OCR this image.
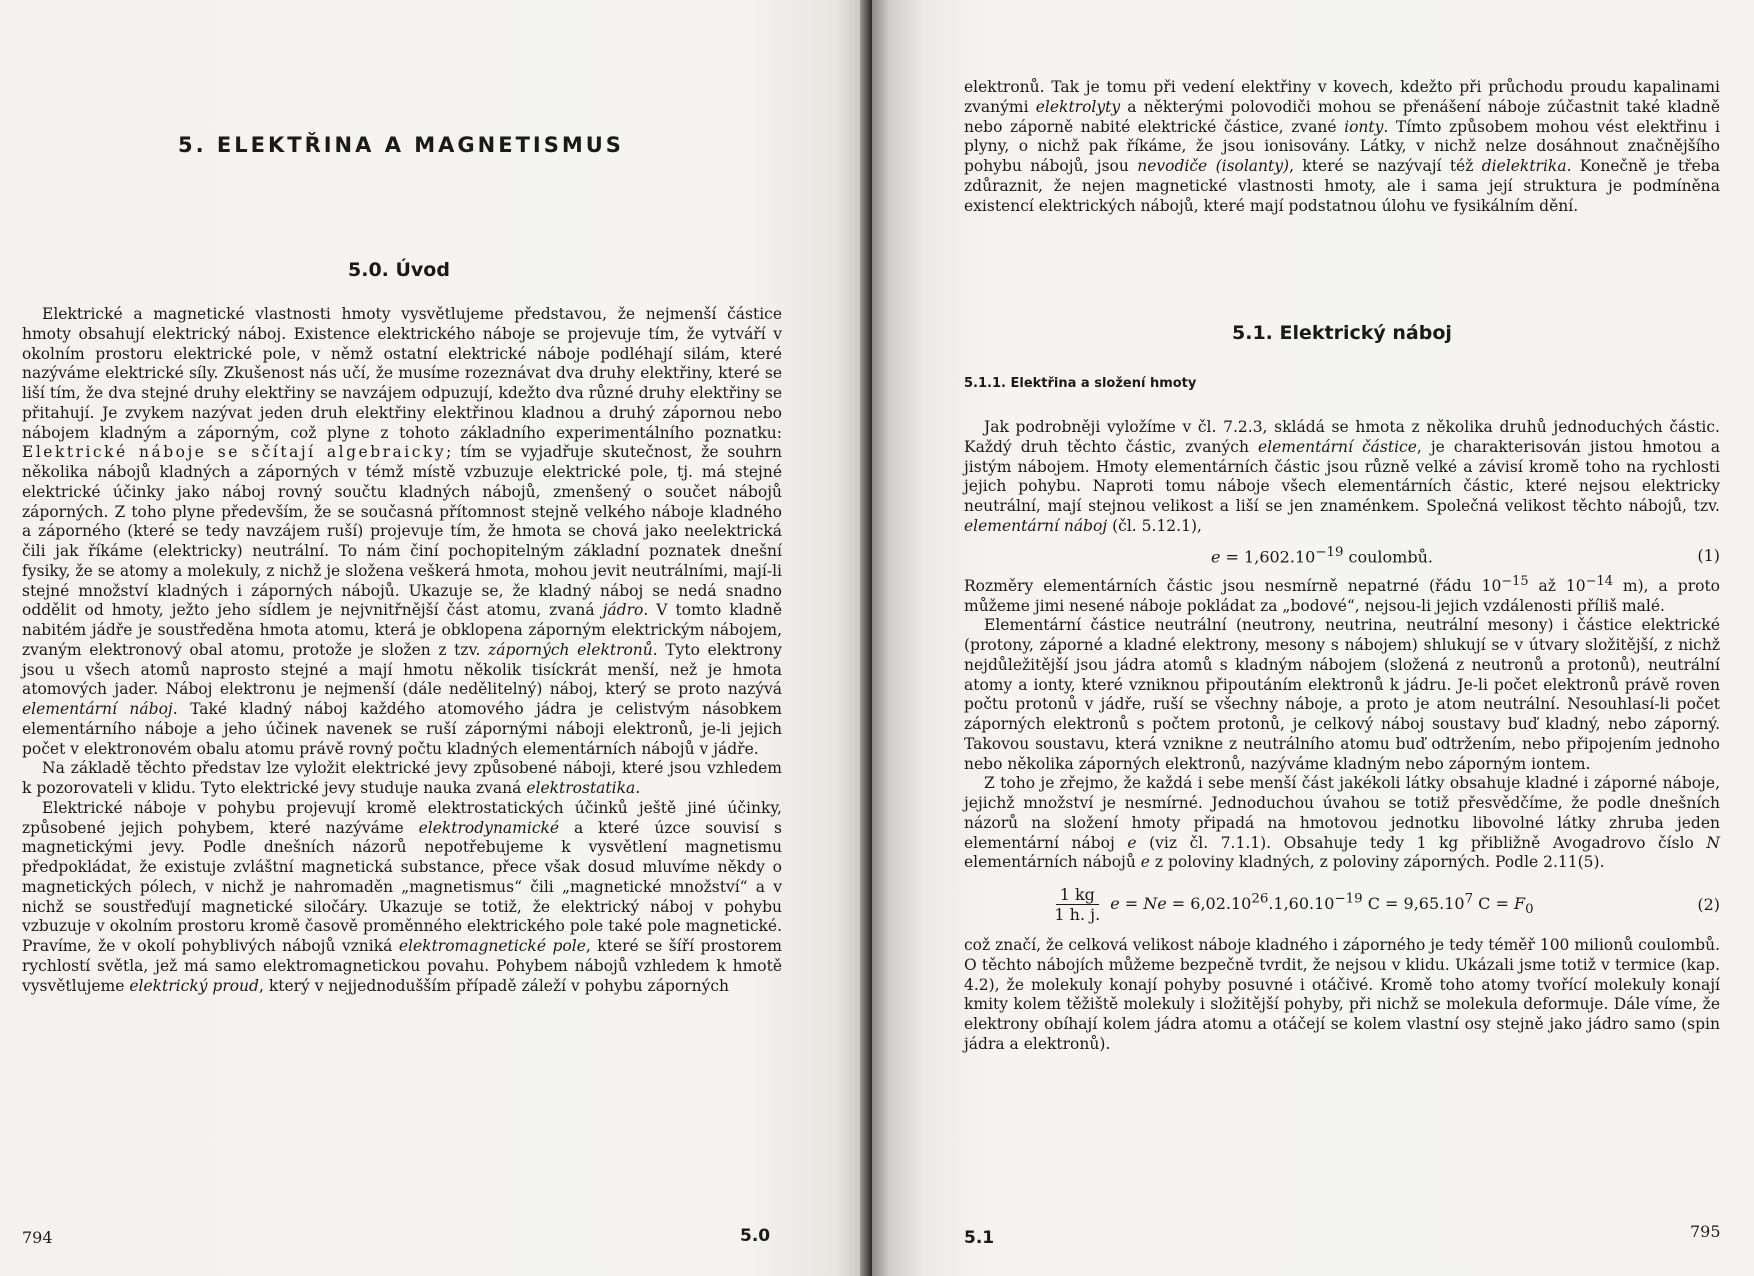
5. ELEKTŘINA A MAGNETISMUS
5.0. Úvod

Elektrické a magnetické vlastnosti hmoty vysvětlujeme představou, že nejmenší částice hmoty obsahují elektrický náboj. Existence elektrického náboje se projevuje tím, že vytváří v okolním prostoru elektrické pole, v němž ostatní elektrické náboje podléhají silám, které nazýváme elektrické síly. Zkušenost nás učí, že musíme rozeznávat dva druhy elektřiny, které se liší tím, že dva stejné druhy elektřiny se navzájem odpuzují, kdežto dva různé druhy elektřiny se přitahují. Je zvykem nazývat jeden druh elektřiny elektřinou kladnou a druhý zápornou nebo nábojem kladným a záporným, což plyne z tohoto základního experimentálního poznatku: Elektrické náboje se sčítají algebraicky; tím se vyjadřuje skutečnost, že souhrn několika nábojů kladných a záporných v témž místě vzbuzuje elektrické pole, tj. má stejné elektrické účinky jako náboj rovný součtu kladných nábojů, zmenšený o součet nábojů záporných. Z toho plyne především, že se současná přítomnost stejně velkého náboje kladného a záporného (které se tedy navzájem ruší) projevuje tím, že hmota se chová jako neelektrická čili jak říkáme (elektricky) neutrální. To nám činí pochopitelným základní poznatek dnešní fysiky, že se atomy a molekuly, z nichž je složena veškerá hmota, mohou jevit neutrálními, mají-li stejné množství kladných i záporných nábojů. Ukazuje se, že kladný náboj se nedá snadno oddělit od hmoty, ježto jeho sídlem je nejvnitřnější část atomu, zvaná jádro. V tomto kladně nabitém jádře je soustředěna hmota atomu, která je obklopena záporným elektrickým nábojem, zvaným elektronový obal atomu, protože je složen z tzv. záporných elektronů. Tyto elektrony jsou u všech atomů naprosto stejné a mají hmotu několik tisíckrát menší, než je hmota atomových jader. Náboj elektronu je nejmenší (dále nedělitelný) náboj, který se proto nazývá elementární náboj. Také kladný náboj každého atomového jádra je celistvým násobkem elementárního náboje a jeho účinek navenek se ruší zápornými náboji elektronů, je-li jejich počet v elektronovém obalu atomu právě rovný počtu kladných elementárních nábojů v jádře.

Na základě těchto představ lze vyložit elektrické jevy způsobené náboji, které jsou vzhledem k pozorovateli v klidu. Tyto elektrické jevy studuje nauka zvaná elektrostatika.

Elektrické náboje v pohybu projevují kromě elektrostatických účinků ještě jiné účinky, způsobené jejich pohybem, které nazýváme elektrodynamické a které úzce souvisí s magnetickými jevy. Podle dnešních názorů nepotřebujeme k vysvětlení magnetismu předpokládat, že existuje zvláštní magnetická substance, přece však dosud mluvíme někdy o magnetických pólech, v nichž je nahromaděn „magnetismus“ čili „magnetické množství“ a v nichž se soustřeďují magnetické siločáry. Ukazuje se totiž, že elektrický náboj v pohybu vzbuzuje v okolním prostoru kromě časově proměnného elektrického pole také pole magnetické. Pravíme, že v okolí pohyblivých nábojů vzniká elektromagnetické pole, které se šíří prostorem rychlostí světla, jež má samo elektromagnetickou povahu. Pohybem nábojů vzhledem k hmotě vysvětlujeme elektrický proud, který v nejjednodušším případě záleží v pohybu záporných

794	5.0

elektronů. Tak je tomu při vedení elektřiny v kovech, kdežto při průchodu proudu kapalinami zvanými elektrolyty a některými polovodiči mohou se přenášení náboje zúčastnit také kladně nebo záporně nabité elektrické částice, zvané ionty. Tímto způsobem mohou vést elektřinu i plyny, o nichž pak říkáme, že jsou ionisovány. Látky, v nichž nelze dosáhnout značnějšího pohybu nábojů, jsou nevodiče (isolanty), které se nazývají též dielektrika. Konečně je třeba zdůraznit, že nejen magnetické vlastnosti hmoty, ale i sama její struktura je podmíněna existencí elektrických nábojů, které mají podstatnou úlohu ve fysikálním dění.

5.1. Elektrický náboj
5.1.1. Elektřina a složení hmoty

Jak podrobněji vyložíme v čl. 7.2.3, skládá se hmota z několika druhů jednoduchých částic. Každý druh těchto částic, zvaných elementární částice, je charakterisován jistou hmotou a jistým nábojem. Hmoty elementárních částic jsou různě velké a závisí kromě toho na rychlosti jejich pohybu. Naproti tomu náboje všech elementárních částic, které nejsou elektricky neutrální, mají stejnou velikost a liší se jen znaménkem. Společná velikost těchto nábojů, tzv. elementární náboj (čl. 5.12.1),

$e = 1,602.10^{-19}$ coulombů.	(1)

Rozměry elementárních částic jsou nesmírně nepatrné (řádu $10^{-15}$ až $10^{-14}$ m), a proto můžeme jimi nesené náboje pokládat za „bodové“, nejsou-li jejich vzdálenosti příliš malé.

Elementární částice neutrální (neutrony, neutrina, neutrální mesony) i částice elektrické (protony, záporné a kladné elektrony, mesony s nábojem) shlukují se v útvary složitější, z nichž nejdůležitější jsou jádra atomů s kladným nábojem (složená z neutronů a protonů), neutrální atomy a ionty, které vzniknou připoutáním elektronů k jádru. Je-li počet elektronů právě roven počtu protonů v jádře, ruší se všechny náboje, a proto je atom neutrální. Nesouhlasí-li počet záporných elektronů s počtem protonů, je celkový náboj soustavy buď kladný, nebo záporný. Takovou soustavu, která vznikne z neutrálního atomu buď odtržením, nebo připojením jednoho nebo několika záporných elektronů, nazýváme kladným nebo záporným iontem.

Z toho je zřejmo, že každá i sebe menší část jakékoli látky obsahuje kladné i záporné náboje, jejichž množství je nesmírné. Jednoduchou úvahou se totiž přesvědčíme, že podle dnešních názorů na složení hmoty připadá na hmotovou jednotku libovolné látky zhruba jeden elementární náboj e (viz čl. 7.1.1). Obsahuje tedy 1 kg přibližně Avogadrovo číslo N elementárních nábojů e z poloviny kladných, z poloviny záporných. Podle 2.11(5).

$\frac{1 kg}{1 h. j.}$ $e = Ne = 6,02.10^{26}.1,60.10^{-19}$ $C = 9,65.10^7$ $C = F_0$	(2)

což značí, že celková velikost náboje kladného i záporného je tedy téměř 100 milionů coulombů. O těchto nábojích můžeme bezpečně tvrdit, že nejsou v klidu. Ukázali jsme totiž v termice (kap. 4.2), že molekuly konají pohyby posuvné i otáčivé. Kromě toho atomy tvořící molekuly konají kmity kolem těžiště molekuly i složitější pohyby, při nichž se molekula deformuje. Dále víme, že elektrony obíhají kolem jádra atomu a otáčejí se kolem vlastní osy stejně jako jádro samo (spin jádra a elektronů).

5.1	795
